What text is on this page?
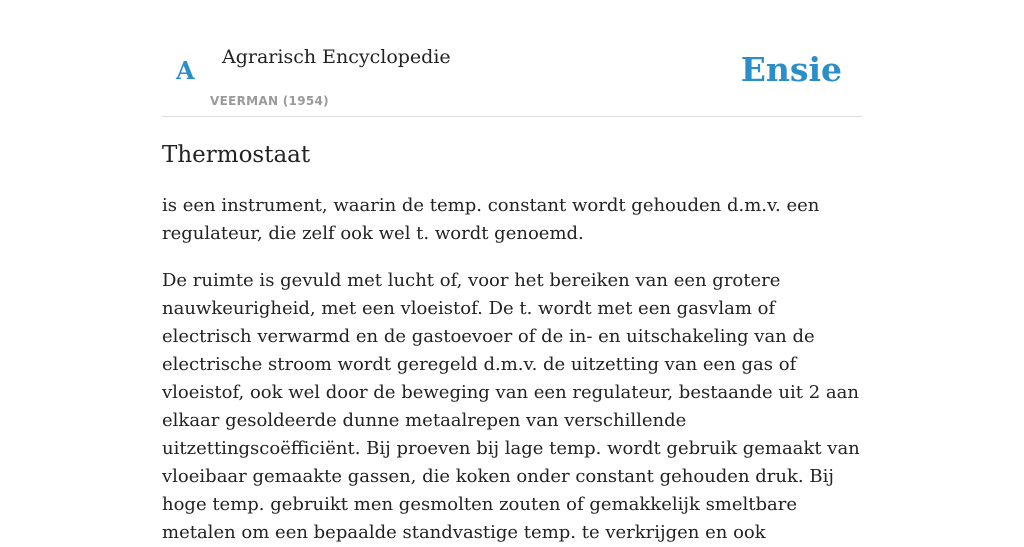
A Agrarisch Encyclopedie
VEERMAN (1954)
Ensie
Thermostaat

is een instrument, waarin de temp. constant wordt gehouden d.m.v. een regulateur, die zelf ook wel t. wordt genoemd.

De ruimte is gevuld met lucht of, voor het bereiken van een grotere nauwkeurigheid, met een vloeistof. De t. wordt met een gasvlam of electrisch verwarmd en de gastoevoer of de in- en uitschakeling van de electrische stroom wordt geregeld d.m.v. de uitzetting van een gas of vloeistof, ook wel door de beweging van een regulateur, bestaande uit 2 aan elkaar gesoldeerde dunne metaalrepen van verschillende uitzettingscoëfficiënt. Bij proeven bij lage temp. wordt gebruik gemaakt van vloeibaar gemaakte gassen, die koken onder constant gehouden druk. Bij hoge temp. gebruikt men gesmolten zouten of gemakkelijk smeltbare metalen om een bepaalde standvastige temp. te verkrijgen en ook
